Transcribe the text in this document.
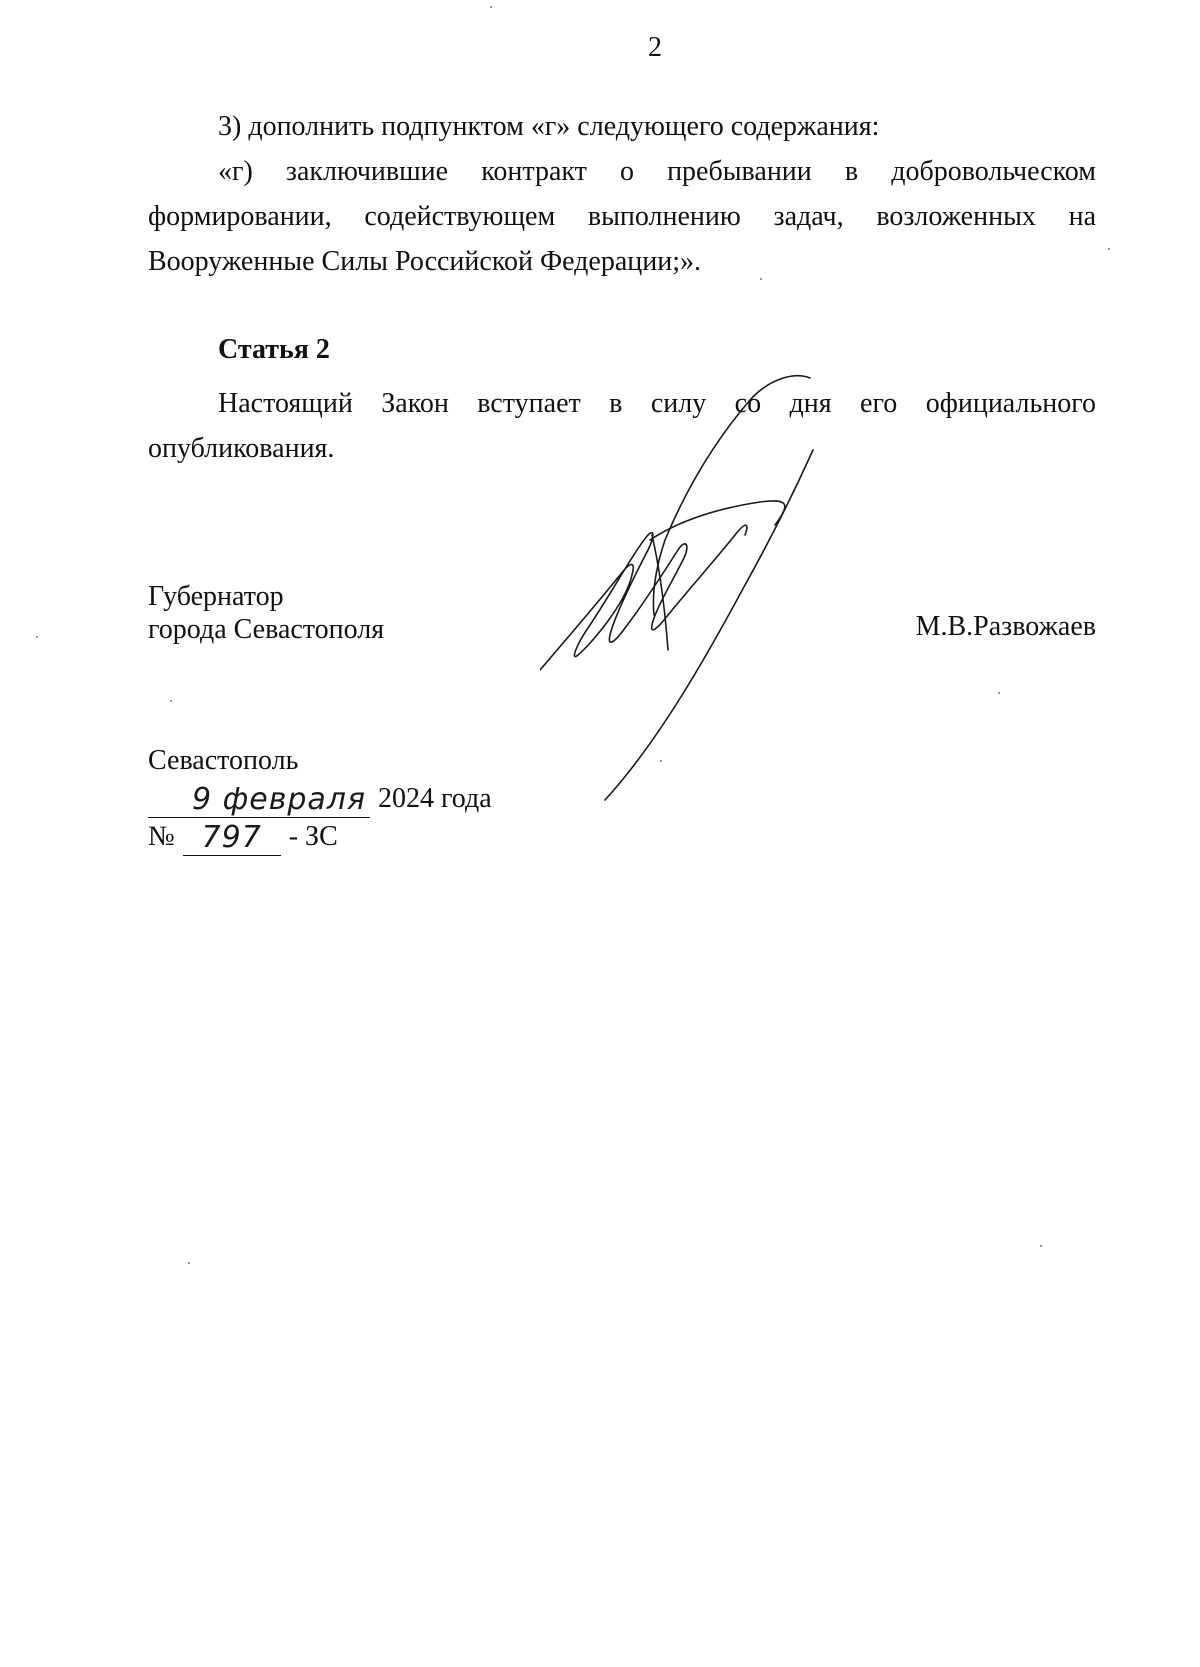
2

3) дополнить подпунктом «г» следующего содержания:

«г) заключившие контракт о пребывании в добровольческом

формировании, содействующем выполнению задач, возложенных на

Вооруженные Силы Российской Федерации;».

Статья 2

Настоящий Закон вступает в силу со дня его официального

опубликования.

Губернатор
города Севастополя	М.В.Развожаев
Севастополь
9 февраля 2024 года
№ 797 - ЗС
